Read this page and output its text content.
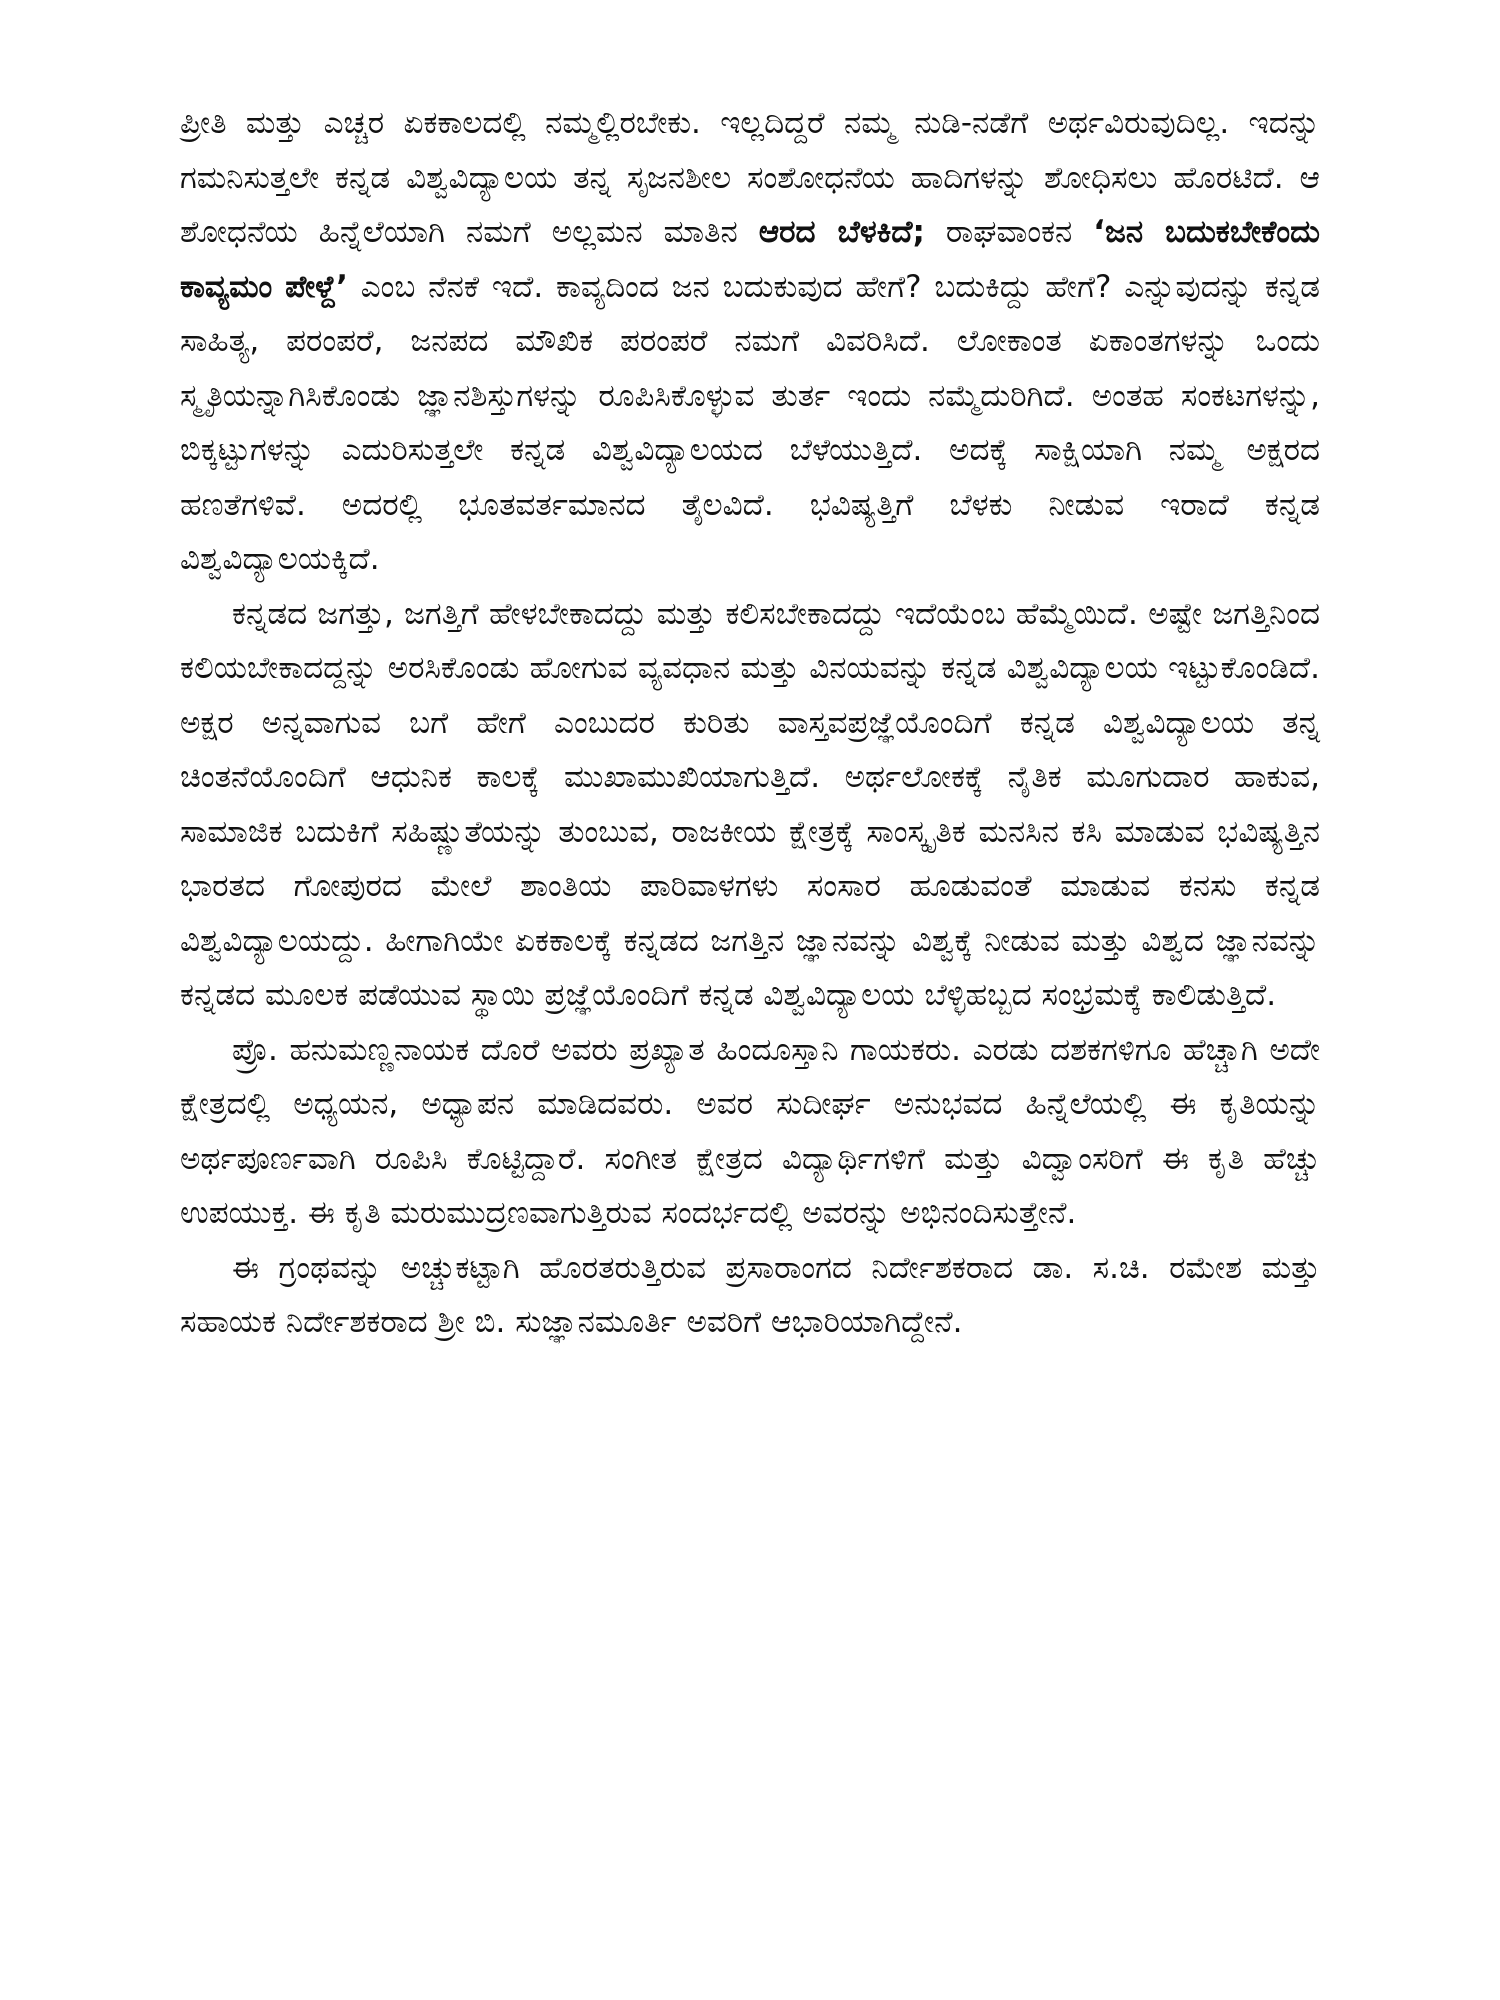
ಪ್ರೀತಿ ಮತ್ತು ಎಚ್ಚರ ಏಕಕಾಲದಲ್ಲಿ ನಮ್ಮಲ್ಲಿರಬೇಕು. ಇಲ್ಲದಿದ್ದರೆ ನಮ್ಮ ನುಡಿ-ನಡೆಗೆ ಅರ್ಥವಿರುವುದಿಲ್ಲ. ಇದನ್ನು ಗಮನಿಸುತ್ತಲೇ ಕನ್ನಡ ವಿಶ್ವವಿದ್ಯಾಲಯ ತನ್ನ ಸೃಜನಶೀಲ ಸಂಶೋಧನೆಯ ಹಾದಿಗಳನ್ನು ಶೋಧಿಸಲು ಹೊರಟಿದೆ. ಆ ಶೋಧನೆಯ ಹಿನ್ನೆಲೆಯಾಗಿ ನಮಗೆ ಅಲ್ಲಮನ ಮಾತಿನ ಆರದ ಬೆಳಕಿದೆ; ರಾಘವಾಂಕನ ‘ಜನ ಬದುಕಬೇಕೆಂದು ಕಾವ್ಯಮಂ ಪೇಳ್ದೆ’ ಎಂಬ ನೆನಕೆ ಇದೆ. ಕಾವ್ಯದಿಂದ ಜನ ಬದುಕುವುದ ಹೇಗೆ? ಬದುಕಿದ್ದು ಹೇಗೆ? ಎನ್ನುವುದನ್ನು ಕನ್ನಡ ಸಾಹಿತ್ಯ, ಪರಂಪರೆ, ಜನಪದ ಮೌಖಿಕ ಪರಂಪರೆ ನಮಗೆ ವಿವರಿಸಿದೆ. ಲೋಕಾಂತ ಏಕಾಂತಗಳನ್ನು ಒಂದು ಸ್ಮೃತಿಯನ್ನಾಗಿಸಿಕೊಂಡು ಜ್ಞಾನಶಿಸ್ತುಗಳನ್ನು ರೂಪಿಸಿಕೊಳ್ಳುವ ತುರ್ತ ಇಂದು ನಮ್ಮೆದುರಿಗಿದೆ. ಅಂತಹ ಸಂಕಟಗಳನ್ನು, ಬಿಕ್ಕಟ್ಟುಗಳನ್ನು ಎದುರಿಸುತ್ತಲೇ ಕನ್ನಡ ವಿಶ್ವವಿದ್ಯಾಲಯದ ಬೆಳೆಯುತ್ತಿದೆ. ಅದಕ್ಕೆ ಸಾಕ್ಷಿಯಾಗಿ ನಮ್ಮ ಅಕ್ಷರದ ಹಣತೆಗಳಿವೆ. ಅದರಲ್ಲಿ ಭೂತವರ್ತಮಾನದ ತೈಲವಿದೆ. ಭವಿಷ್ಯತ್ತಿಗೆ ಬೆಳಕು ನೀಡುವ ಇರಾದೆ ಕನ್ನಡ ವಿಶ್ವವಿದ್ಯಾಲಯಕ್ಕಿದೆ.

ಕನ್ನಡದ ಜಗತ್ತು, ಜಗತ್ತಿಗೆ ಹೇಳಬೇಕಾದದ್ದು ಮತ್ತು ಕಲಿಸಬೇಕಾದದ್ದು ಇದೆಯೆಂಬ ಹೆಮ್ಮೆಯಿದೆ. ಅಷ್ಟೇ ಜಗತ್ತಿನಿಂದ ಕಲಿಯಬೇಕಾದದ್ದನ್ನು ಅರಸಿಕೊಂಡು ಹೋಗುವ ವ್ಯವಧಾನ ಮತ್ತು ವಿನಯವನ್ನು ಕನ್ನಡ ವಿಶ್ವವಿದ್ಯಾಲಯ ಇಟ್ಟುಕೊಂಡಿದೆ. ಅಕ್ಷರ ಅನ್ನವಾಗುವ ಬಗೆ ಹೇಗೆ ಎಂಬುದರ ಕುರಿತು ವಾಸ್ತವಪ್ರಜ್ಞೆಯೊಂದಿಗೆ ಕನ್ನಡ ವಿಶ್ವವಿದ್ಯಾಲಯ ತನ್ನ ಚಿಂತನೆಯೊಂದಿಗೆ ಆಧುನಿಕ ಕಾಲಕ್ಕೆ ಮುಖಾಮುಖಿಯಾಗುತ್ತಿದೆ. ಅರ್ಥಲೋಕಕ್ಕೆ ನೈತಿಕ ಮೂಗುದಾರ ಹಾಕುವ, ಸಾಮಾಜಿಕ ಬದುಕಿಗೆ ಸಹಿಷ್ಣುತೆಯನ್ನು ತುಂಬುವ, ರಾಜಕೀಯ ಕ್ಷೇತ್ರಕ್ಕೆ ಸಾಂಸ್ಕೃತಿಕ ಮನಸಿನ ಕಸಿ ಮಾಡುವ ಭವಿಷ್ಯತ್ತಿನ ಭಾರತದ ಗೋಪುರದ ಮೇಲೆ ಶಾಂತಿಯ ಪಾರಿವಾಳಗಳು ಸಂಸಾರ ಹೂಡುವಂತೆ ಮಾಡುವ ಕನಸು ಕನ್ನಡ ವಿಶ್ವವಿದ್ಯಾಲಯದ್ದು. ಹೀಗಾಗಿಯೇ ಏಕಕಾಲಕ್ಕೆ ಕನ್ನಡದ ಜಗತ್ತಿನ ಜ್ಞಾನವನ್ನು ವಿಶ್ವಕ್ಕೆ ನೀಡುವ ಮತ್ತು ವಿಶ್ವದ ಜ್ಞಾನವನ್ನು ಕನ್ನಡದ ಮೂಲಕ ಪಡೆಯುವ ಸ್ಥಾಯಿ ಪ್ರಜ್ಞೆಯೊಂದಿಗೆ ಕನ್ನಡ ವಿಶ್ವವಿದ್ಯಾಲಯ ಬೆಳ್ಳಿಹಬ್ಬದ ಸಂಭ್ರಮಕ್ಕೆ ಕಾಲಿಡುತ್ತಿದೆ.

ಪ್ರೊ. ಹನುಮಣ್ಣನಾಯಕ ದೊರೆ ಅವರು ಪ್ರಖ್ಯಾತ ಹಿಂದೂಸ್ತಾನಿ ಗಾಯಕರು. ಎರಡು ದಶಕಗಳಿಗೂ ಹೆಚ್ಚಾಗಿ ಅದೇ ಕ್ಷೇತ್ರದಲ್ಲಿ ಅಧ್ಯಯನ, ಅಧ್ಯಾಪನ ಮಾಡಿದವರು. ಅವರ ಸುದೀರ್ಘ ಅನುಭವದ ಹಿನ್ನೆಲೆಯಲ್ಲಿ ಈ ಕೃತಿಯನ್ನು ಅರ್ಥಪೂರ್ಣವಾಗಿ ರೂಪಿಸಿ ಕೊಟ್ಟಿದ್ದಾರೆ. ಸಂಗೀತ ಕ್ಷೇತ್ರದ ವಿದ್ಯಾರ್ಥಿಗಳಿಗೆ ಮತ್ತು ವಿದ್ವಾಂಸರಿಗೆ ಈ ಕೃತಿ ಹೆಚ್ಚು ಉಪಯುಕ್ತ. ಈ ಕೃತಿ ಮರುಮುದ್ರಣವಾಗುತ್ತಿರುವ ಸಂದರ್ಭದಲ್ಲಿ ಅವರನ್ನು ಅಭಿನಂದಿಸುತ್ತೇನೆ.

ಈ ಗ್ರಂಥವನ್ನು ಅಚ್ಚುಕಟ್ಟಾಗಿ ಹೊರತರುತ್ತಿರುವ ಪ್ರಸಾರಾಂಗದ ನಿರ್ದೇಶಕರಾದ ಡಾ. ಸ.ಚಿ. ರಮೇಶ ಮತ್ತು ಸಹಾಯಕ ನಿರ್ದೇಶಕರಾದ ಶ್ರೀ ಬಿ. ಸುಜ್ಞಾನಮೂರ್ತಿ ಅವರಿಗೆ ಆಭಾರಿಯಾಗಿದ್ದೇನೆ.
